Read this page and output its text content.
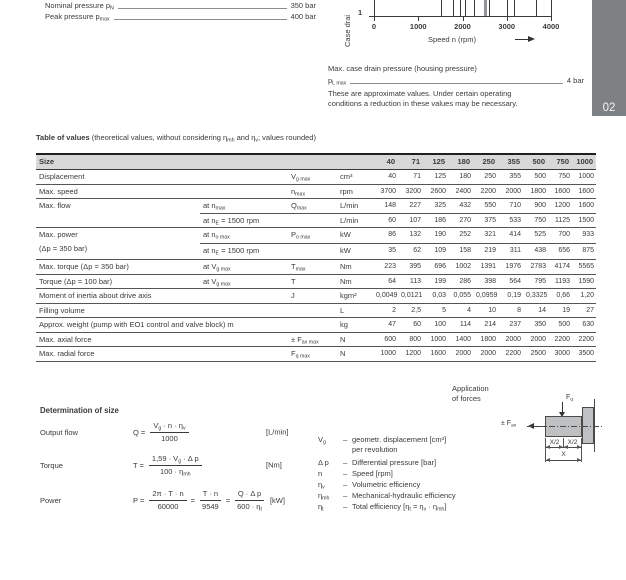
Nominal pressure $p_N$	350 bar
Peak pressure $p_{max}$	400 bar	Case drai
1
Speed n (rpm)
0	1000	2000	3000	4000
02
Max. case drain pressure (housing pressure)
$p_{L max}$	4 bar
These are approximate values. Under certain operating
conditions a reduction in these values may be necessary.
Table of values (theoretical values, without considering $\eta_{mh}$ and $\eta_v$; values rounded)
Size				40	71	125	180	250	355	500	750	1000

Displacement		$V_{g max}$	cm³	40	71	125	180	250	355	500	750	1000

Max. speed		$n_{max}$	rpm	3700	3200	2600	2400	2200	2000	1800	1600	1600

Max. flow	at $n_{max}$	$Q_{max}$	L/min	148	227	325	432	550	710	900	1200	1600
	at $n_E = 1500$ rpm		L/min	60	107	186	270	375	533	750	1125	1500

Max. power
(Δp = 350 bar)	at $n_{o max}$	$P_{o max}$	kW	86	132	190	252	321	414	525	700	933
	at $n_E = 1500$ rpm		kW	35	62	109	158	219	311	438	656	875

Max. torque (Δp = 350 bar)	at $V_{g max}$	$T_{max}$	Nm	223	395	696	1002	1391	1976	2783	4174	5565

Torque (Δp = 100 bar)	at $V_{g max}$	T	Nm	64	113	199	286	398	564	795	1193	1590

Moment of inertia about drive axis		J	kgm²	0,0049	0,0121	0,03	0,055	0,0959	0,19	0,3325	0,66	1,20

Filling volume			L	2	2,5	5	4	10	8	14	19	27

Approx. weight (pump with EO1 control and valve block) m			kg	47	60	100	114	214	237	350	500	630

Max. axial force		± $F_{ax max}$	N	600	800	1000	1400	1800	2000	2000	2200	2200

Max. radial force		$F_{q max}$	N	1000	1200	1600	2000	2000	2200	2500	3000	3500
Determination of size
Output flow	$Q = \frac{V_g \cdot n \cdot \eta_v}{1000}$	[L/min]
Torque	$T = \frac{1,59 \cdot V_g \cdot \Delta p}{100 \cdot \eta_{mh}}$	[Nm]
Power	$P = \frac{2\pi \cdot T \cdot n}{60000} = \frac{T \cdot n}{9549} = \frac{\text{Q · Δ p}}{600 \cdot \eta_t} [kW]$
$V_g$	– geometr. displacement [cm³]
per revolution
Δ p	– Differential pressure [bar]
n	– Speed [rpm]
$\eta_v$	– Volumetric efficiency
$\eta_{mh}$	– Mechanical-hydraulic efficiency
$\eta_t$	– Total efficiency $[\eta_t = \eta_v \cdot \eta_{mh}]$
Application
of forces	$F_q$
± $F_{ax}$
X/2	X/2
X
